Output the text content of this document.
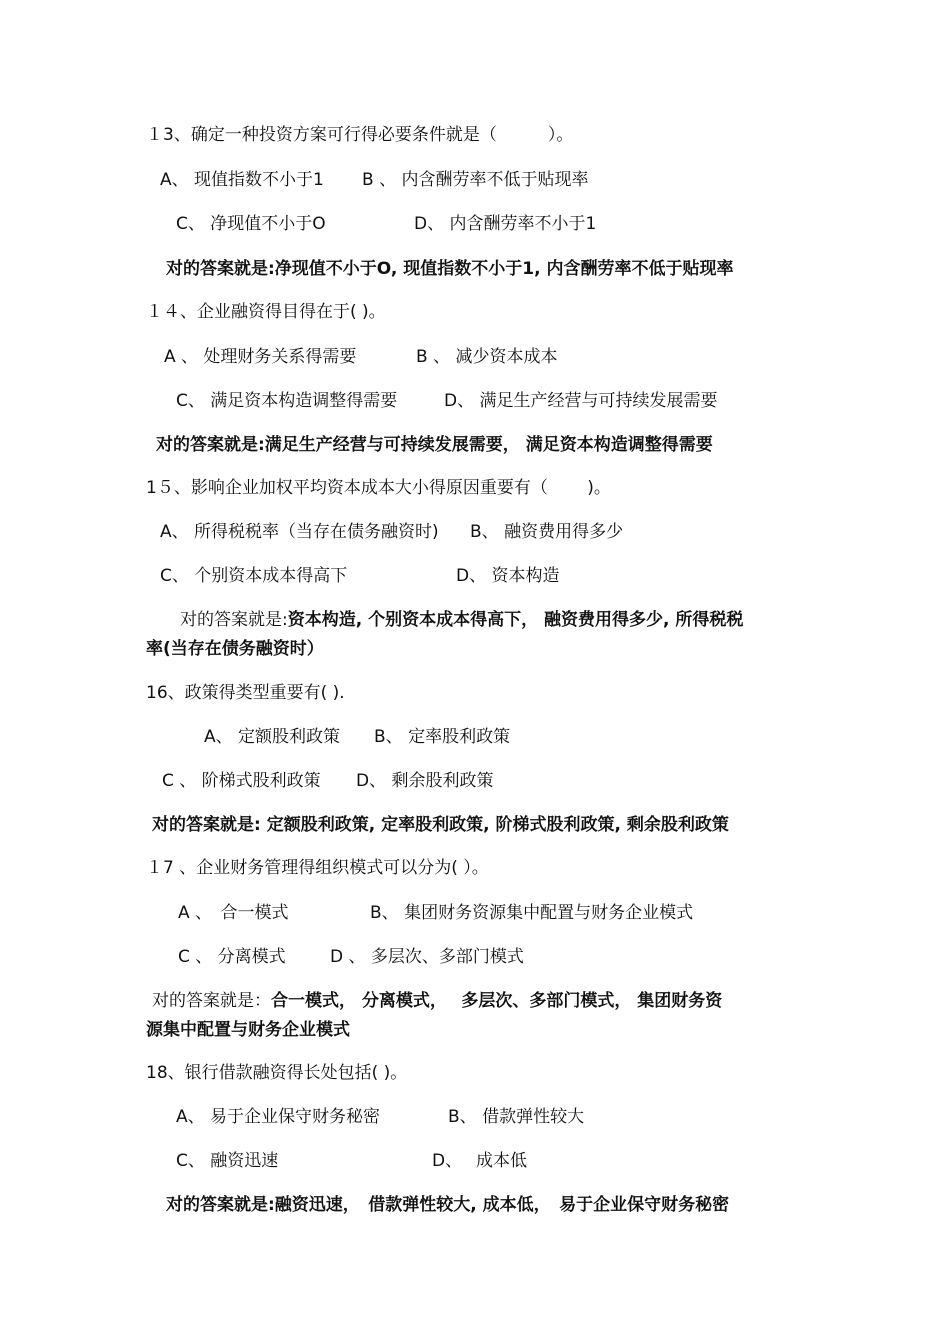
１3、确定一种投资方案可行得必要条件就是（　　　）。
A、 现值指数不小于1 B 、 内含酬劳率不低于贴现率
C、 净现值不小于O	D、 内含酬劳率不小于1
对的答案就是:净现值不小于O, 现值指数不小于1, 内含酬劳率不低于贴现率
１４、企业融资得目得在于( )。
A 、 处理财务关系得需要	B 、 减少资本成本
C、 满足资本构造调整得需要	D、 满足生产经营与可持续发展需要
对的答案就是:满足生产经营与可持续发展需要， 满足资本构造调整得需要
1５、影响企业加权平均资本成本大小得原因重要有（　　 )。
A、 所得税税率（当存在债务融资时) B、 融资费用得多少
C、 个别资本成本得高下	D、 资本构造
对的答案就是:资本构造, 个别资本成本得高下， 融资费用得多少, 所得税税
率(当存在债务融资时）
16、政策得类型重要有( ).
A、 定额股利政策 B、 定率股利政策
C 、 阶梯式股利政策 D、 剩余股利政策
对的答案就是: 定额股利政策, 定率股利政策, 阶梯式股利政策, 剩余股利政策
１7 、企业财务管理得组织模式可以分为( ）。
A 、　合一模式	B、 集团财务资源集中配置与财务企业模式
C 、 分离模式	D 、 多层次、多部门模式
对的答案就是：合一模式， 分离模式，　 多层次、多部门模式， 集团财务资
源集中配置与财务企业模式
18、银行借款融资得长处包括( )。
A、 易于企业保守财务秘密	B、 借款弹性较大
C、 融资迅速	D、　 成本低
对的答案就是:融资迅速，　借款弹性较大, 成本低，　易于企业保守财务秘密
